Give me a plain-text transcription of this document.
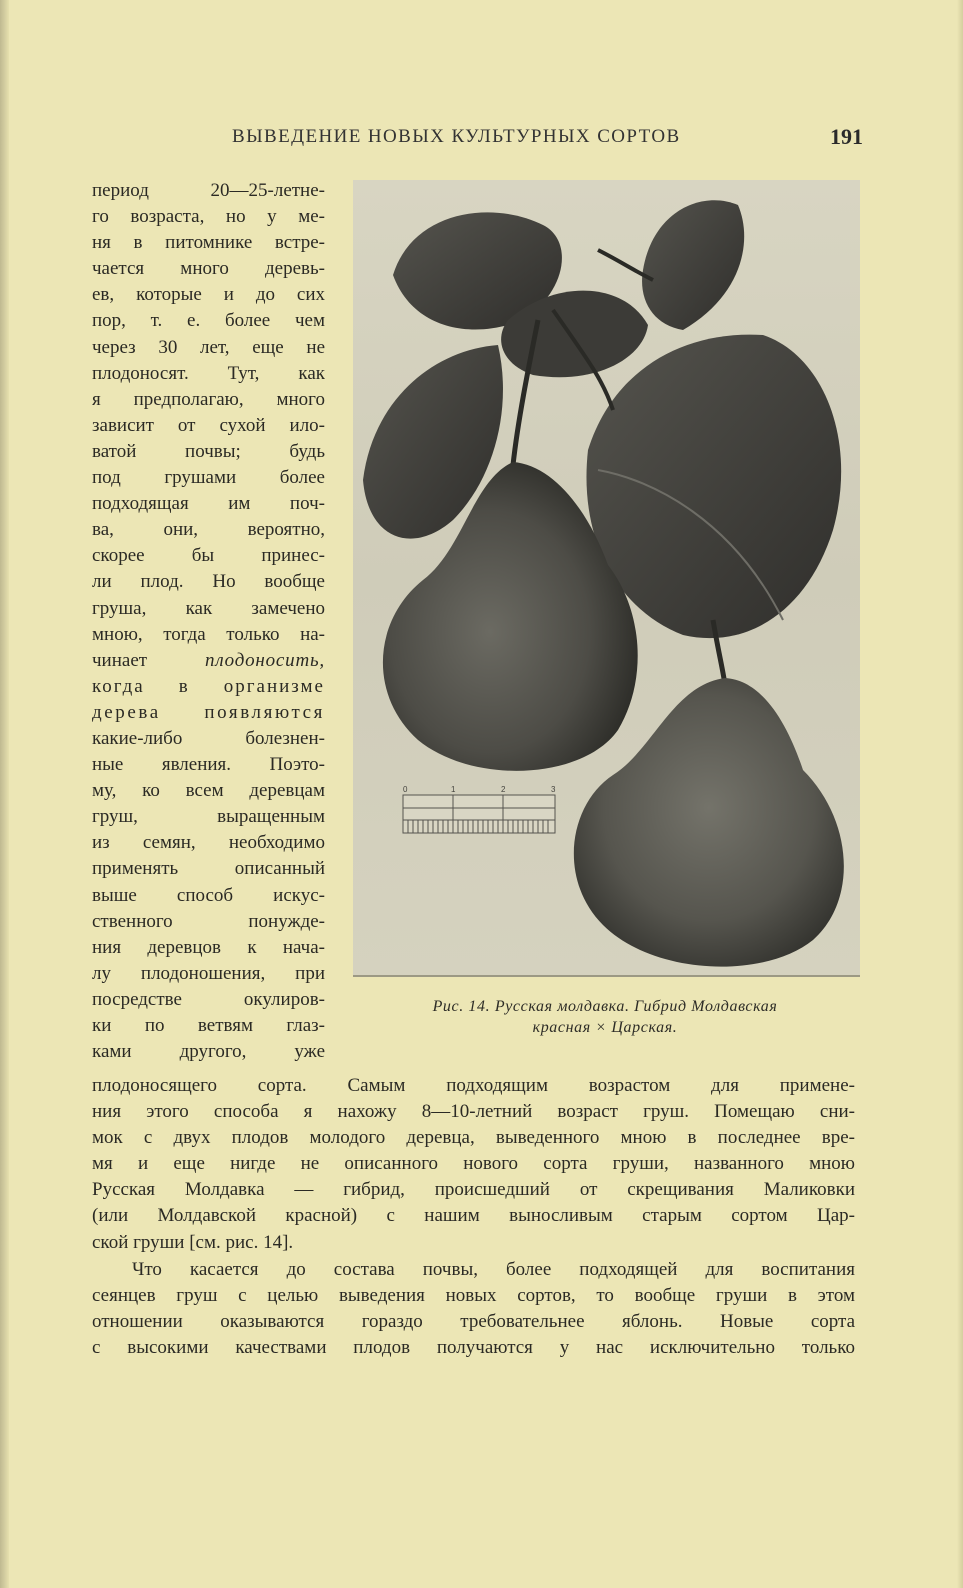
ВЫВЕДЕНИЕ НОВЫХ КУЛЬТУРНЫХ СОРТОВ	191
период 20—25-летне-
го возраста, но у ме-
ня в питомнике встре-
чается много деревь-
ев, которые и до сих
пор, т. е. более чем
через 30 лет, еще не
плодоносят. Тут, как
я предполагаю, много
зависит от сухой ило-
ватой почвы; будь
под грушами более
подходящая им поч-
ва, они, вероятно,
скорее бы принес-
ли плод. Но вообще
груша, как замечено
мною, тогда только на-
чинает	плодоносить,
когда в организме
дерева появляются
какие-либо болезнен-
ные явления. Поэто-
му, ко всем деревцам
груш, выращенным
из семян, необходимо
применять описанный
выше способ искус-
ственного понужде-
ния деревцов к нача-
лу плодоношения, при
посредстве окулиров-
ки по ветвям глаз-
ками другого, уже
0	1	2	3
Рис. 14. Русская молдавка. Гибрид Молдавская
красная × Царская.
плодоносящего сорта. Самым подходящим возрастом для примене-
ния этого способа я нахожу 8—10-летний возраст груш. Помещаю сни-
мок с двух плодов молодого деревца, выведенного мною в последнее вре-
мя и еще нигде не описанного нового сорта груши, названного мною
Русская Молдавка — гибрид, происшедший от скрещивания Маликовки
(или Молдавской красной) с нашим выносливым старым сортом Цар-
ской груши [см. рис. 14].
Что касается до состава почвы, более подходящей для воспитания
сеянцев груш с целью выведения новых сортов, то вообще груши в этом
отношении оказываются гораздо требовательнее яблонь. Новые сорта
с высокими качествами плодов получаются у нас исключительно только
